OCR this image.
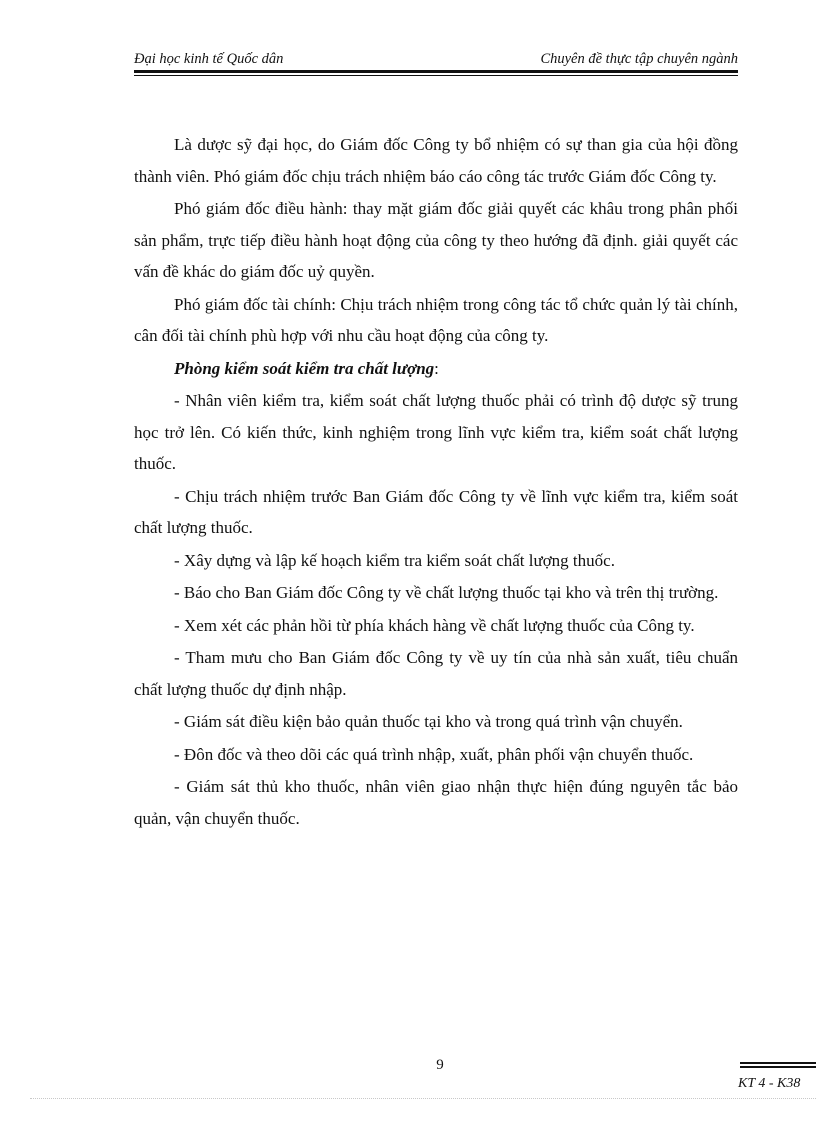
Đại học kinh tế Quốc dân	Chuyên đề thực tập chuyên ngành

Là dược sỹ đại học, do Giám đốc Công ty bổ nhiệm có sự than gia của hội đồng thành viên. Phó giám đốc chịu trách nhiệm báo cáo công tác trước Giám đốc Công ty.

Phó giám đốc điều hành: thay mặt giám đốc giải quyết các khâu trong phân phối sản phẩm, trực tiếp điều hành hoạt động của công ty theo hướng đã định. giải quyết các vấn đề khác do giám đốc uỷ quyền.

Phó giám đốc tài chính: Chịu trách nhiệm trong công tác tổ chức quản lý tài chính, cân đối tài chính phù hợp với nhu cầu hoạt động của công ty.

Phòng kiểm soát kiểm tra chất lượng:

- Nhân viên kiểm tra, kiểm soát chất lượng thuốc phải có trình độ dược sỹ trung học trở lên. Có kiến thức, kinh nghiệm trong lĩnh vực kiểm tra, kiểm soát chất lượng thuốc.

- Chịu trách nhiệm trước Ban Giám đốc Công ty về lĩnh vực kiểm tra, kiểm soát chất lượng thuốc.

- Xây dựng và lập kế hoạch kiểm tra kiểm soát chất lượng thuốc.

- Báo cho Ban Giám đốc Công ty về chất lượng thuốc tại kho và trên thị trường.

- Xem xét các phản hồi từ phía khách hàng về chất lượng thuốc của Công ty.

- Tham mưu cho Ban Giám đốc Công ty về uy tín của nhà sản xuất, tiêu chuẩn chất lượng thuốc dự định nhập.

- Giám sát điều kiện bảo quản thuốc tại kho và trong quá trình vận chuyển.

- Đôn đốc và theo dõi các quá trình nhập, xuất, phân phối vận chuyển thuốc.

- Giám sát thủ kho thuốc, nhân viên giao nhận thực hiện đúng nguyên tắc bảo quản, vận chuyển thuốc.

9
KT 4 - K38
